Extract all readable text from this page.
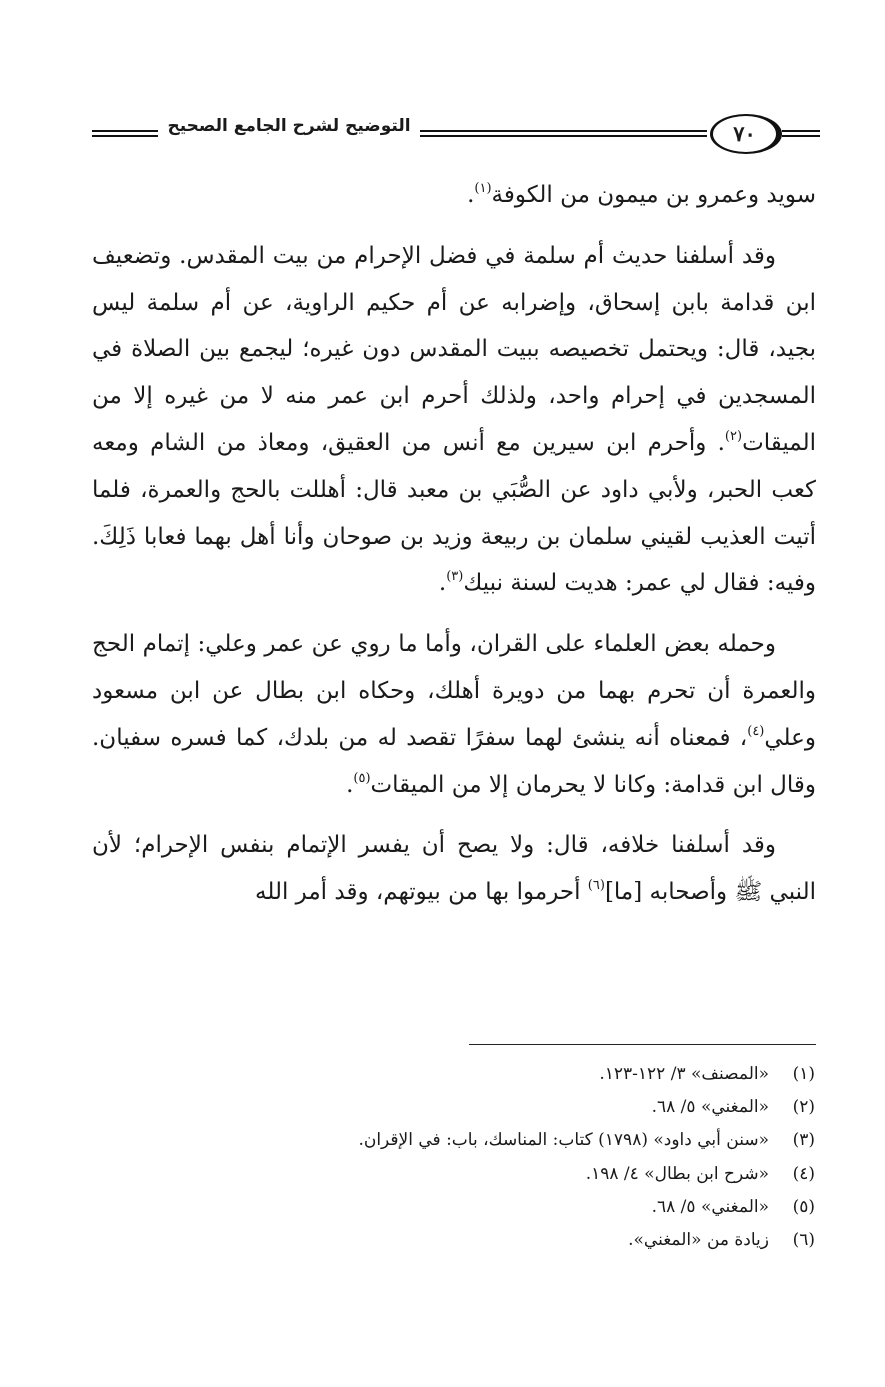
التوضيح لشرح الجامع الصحيح	٧٠

سويد وعمرو بن ميمون من الكوفة$^{(١)}$.

وقد أسلفنا حديث أم سلمة في فضل الإحرام من بيت المقدس. وتضعيف ابن قدامة بابن إسحاق، وإضرابه عن أم حكيم الراوية، عن أم سلمة ليس بجيد، قال: ويحتمل تخصيصه ببيت المقدس دون غيره؛ ليجمع بين الصلاة في المسجدين في إحرام واحد، ولذلك أحرم ابن عمر منه لا من غيره إلا من الميقات$^{(٢)}$. وأحرم ابن سيرين مع أنس من العقيق، ومعاذ من الشام ومعه كعب الحبر، ولأبي داود عن الصُّبَي بن معبد قال: أهللت بالحج والعمرة، فلما أتيت العذيب لقيني سلمان بن ربيعة وزيد بن صوحان وأنا أهل بهما فعابا ذَلِكَ. وفيه: فقال لي عمر: هديت لسنة نبيك$^{(٣)}$.

وحمله بعض العلماء على القران، وأما ما روي عن عمر وعلي: إتمام الحج والعمرة أن تحرم بهما من دويرة أهلك، وحكاه ابن بطال عن ابن مسعود وعلي$^{(٤)}$، فمعناه أنه ينشئ لهما سفرًا تقصد له من بلدك، كما فسره سفيان. وقال ابن قدامة: وكانا لا يحرمان إلا من الميقات$^{(٥)}$.

وقد أسلفنا خلافه، قال: ولا يصح أن يفسر الإتمام بنفس الإحرام؛ لأن النبي ﷺ وأصحابه [ما]$^{(٦)}$ أحرموا بها من بيوتهم، وقد أمر الله

(١)
«المصنف» ٣/ ١٢٢-١٢٣.
(٢)
«المغني» ٥/ ٦٨.
(٣)
«سنن أبي داود» (١٧٩٨) كتاب: المناسك، باب: في الإقران.
(٤)
«شرح ابن بطال» ٤/ ١٩٨.
(٥)
«المغني» ٥/ ٦٨.
(٦)
زيادة من «المغني».
